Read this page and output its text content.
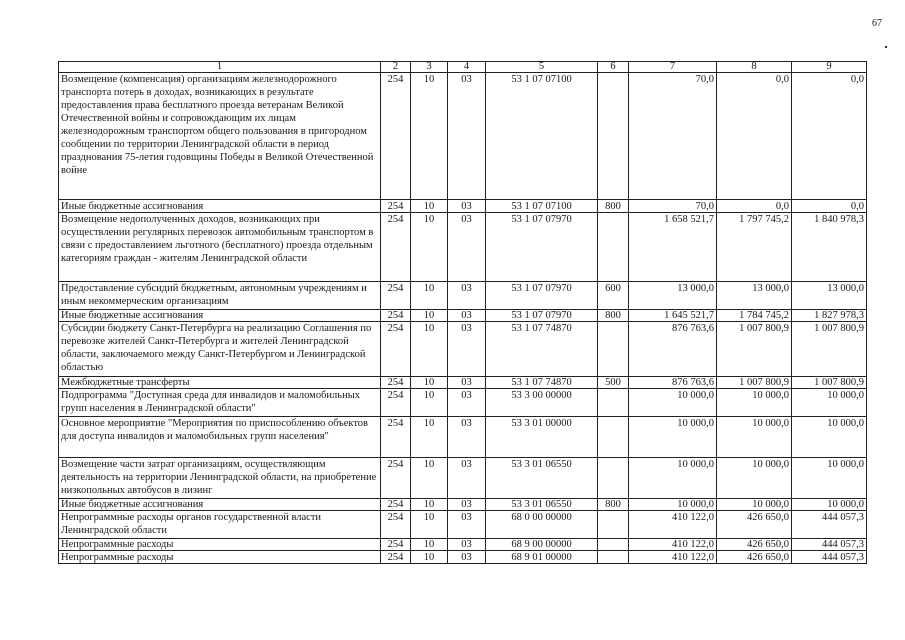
67
1	2	3	4	5	6	7	8	9
Возмещение (компенсация) организациям железнодорожного транспорта потерь в доходах, возникающих в результате предоставления права бесплатного проезда ветеранам Великой Отечественной войны и сопровождающим их лицам железнодорожным транспортом общего пользования в пригородном сообщении по территории Ленинградской области в период празднования 75-летия годовщины Победы в Великой Отечественной войне	254	10	03	53 1 07 07100		70,0	0,0	0,0
Иные бюджетные ассигнования	254	10	03	53 1 07 07100	800	70,0	0,0	0,0
Возмещение недополученных доходов, возникающих при осуществлении регулярных перевозок автомобильным транспортом в связи с предоставлением льготного (бесплатного) проезда отдельным категориям граждан - жителям Ленинградской области	254	10	03	53 1 07 07970		1 658 521,7	1 797 745,2	1 840 978,3
Предоставление субсидий бюджетным, автономным учреждениям и иным некоммерческим организациям	254	10	03	53 1 07 07970	600	13 000,0	13 000,0	13 000,0
Иные бюджетные ассигнования	254	10	03	53 1 07 07970	800	1 645 521,7	1 784 745,2	1 827 978,3
Субсидии бюджету Санкт-Петербурга на реализацию Соглашения по перевозке жителей Санкт-Петербурга и жителей Ленинградской области, заключаемого между Санкт-Петербургом и Ленинградской областью	254	10	03	53 1 07 74870		876 763,6	1 007 800,9	1 007 800,9
Межбюджетные трансферты	254	10	03	53 1 07 74870	500	876 763,6	1 007 800,9	1 007 800,9
Подпрограмма "Доступная среда для инвалидов и маломобильных групп населения в Ленинградской области"	254	10	03	53 3 00 00000		10 000,0	10 000,0	10 000,0
Основное мероприятие "Мероприятия по приспособлению объектов для доступа инвалидов и маломобильных групп населения"	254	10	03	53 3 01 00000		10 000,0	10 000,0	10 000,0
Возмещение части затрат организациям, осуществляющим деятельность на территории Ленинградской области, на приобретение низкопольных автобусов в лизинг	254	10	03	53 3 01 06550		10 000,0	10 000,0	10 000,0
Иные бюджетные ассигнования	254	10	03	53 3 01 06550	800	10 000,0	10 000,0	10 000,0
Непрограммные расходы органов государственной власти Ленинградской области	254	10	03	68 0 00 00000		410 122,0	426 650,0	444 057,3
Непрограммные расходы	254	10	03	68 9 00 00000		410 122,0	426 650,0	444 057,3
Непрограммные расходы	254	10	03	68 9 01 00000		410 122,0	426 650,0	444 057,3
